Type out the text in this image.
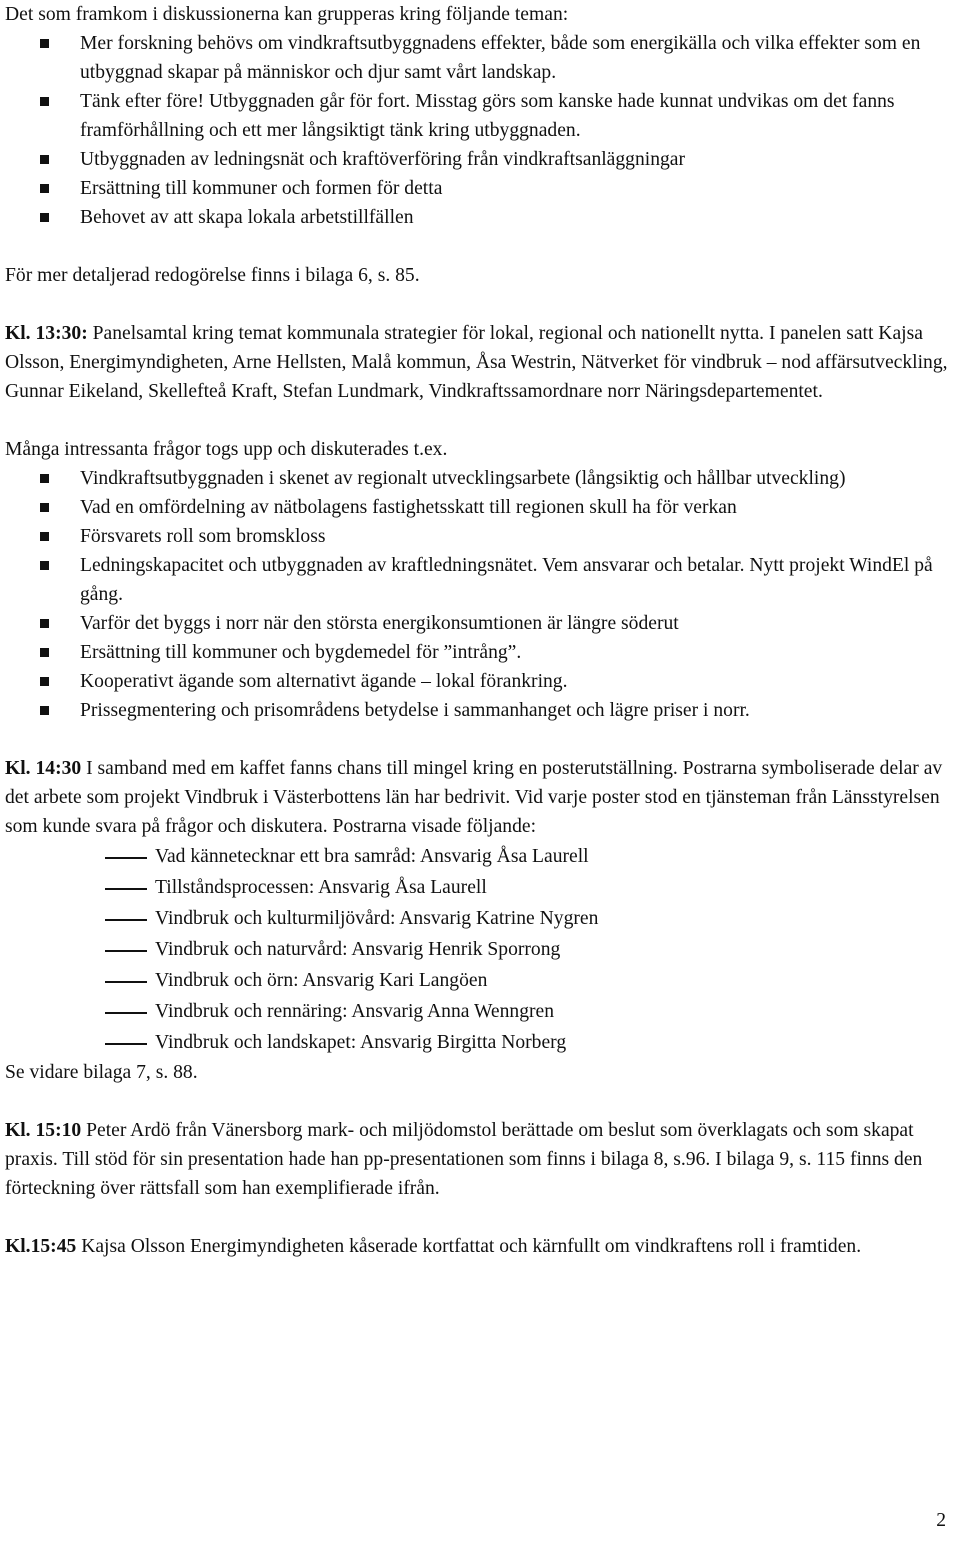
Det som framkom i diskussionerna kan grupperas kring följande teman:

Mer forskning behövs om vindkraftsutbyggnadens effekter, både som energikälla och vilka effekter som en utbyggnad skapar på människor och djur samt vårt landskap.
Tänk efter före! Utbyggnaden går för fort. Misstag görs som kanske hade kunnat undvikas om det fanns framförhållning och ett mer långsiktigt tänk kring utbyggnaden.
Utbyggnaden av ledningsnät och kraftöverföring från vindkraftsanläggningar
Ersättning till kommuner och formen för detta
Behovet av att skapa lokala arbetstillfällen

För mer detaljerad redogörelse finns i bilaga 6, s. 85.

Kl. 13:30: Panelsamtal kring temat kommunala strategier för lokal, regional och nationellt nytta. I panelen satt Kajsa Olsson, Energimyndigheten, Arne Hellsten, Malå kommun, Åsa Westrin, Nätverket för vindbruk – nod affärsutveckling, Gunnar Eikeland, Skellefteå Kraft, Stefan Lundmark, Vindkraftssamordnare norr Näringsdepartementet.

Många intressanta frågor togs upp och diskuterades t.ex.

Vindkraftsutbyggnaden i skenet av regionalt utvecklingsarbete (långsiktig och hållbar utveckling)
Vad en omfördelning av nätbolagens fastighetsskatt till regionen skull ha för verkan
Försvarets roll som bromskloss
Ledningskapacitet och utbyggnaden av kraftledningsnätet. Vem ansvarar och betalar. Nytt projekt WindEl på gång.
Varför det byggs i norr när den största energikonsumtionen är längre söderut
Ersättning till kommuner och bygdemedel för ”intrång”.
Kooperativt ägande som alternativt ägande – lokal förankring.
Prissegmentering och prisområdens betydelse i sammanhanget och lägre priser i norr.

Kl. 14:30 I samband med em kaffet fanns chans till mingel kring en posterutställning. Postrarna symboliserade delar av det arbete som projekt Vindbruk i Västerbottens län har bedrivit. Vid varje poster stod en tjänsteman från Länsstyrelsen som kunde svara på frågor och diskutera. Postrarna visade följande:

Vad kännetecknar ett bra samråd: Ansvarig Åsa Laurell
Tillståndsprocessen: Ansvarig Åsa Laurell
Vindbruk och kulturmiljövård: Ansvarig Katrine Nygren
Vindbruk och naturvård: Ansvarig Henrik Sporrong
Vindbruk och örn: Ansvarig Kari Langöen
Vindbruk och rennäring: Ansvarig Anna Wenngren
Vindbruk och landskapet: Ansvarig Birgitta Norberg

Se vidare bilaga 7, s. 88.

Kl. 15:10 Peter Ardö från Vänersborg mark- och miljödomstol berättade om beslut som överklagats och som skapat praxis. Till stöd för sin presentation hade han pp-presentationen som finns i bilaga 8, s.96. I bilaga 9, s. 115 finns den förteckning över rättsfall som han exemplifierade ifrån.

Kl.15:45 Kajsa Olsson Energimyndigheten kåserade kortfattat och kärnfullt om vindkraftens roll i framtiden.

2
